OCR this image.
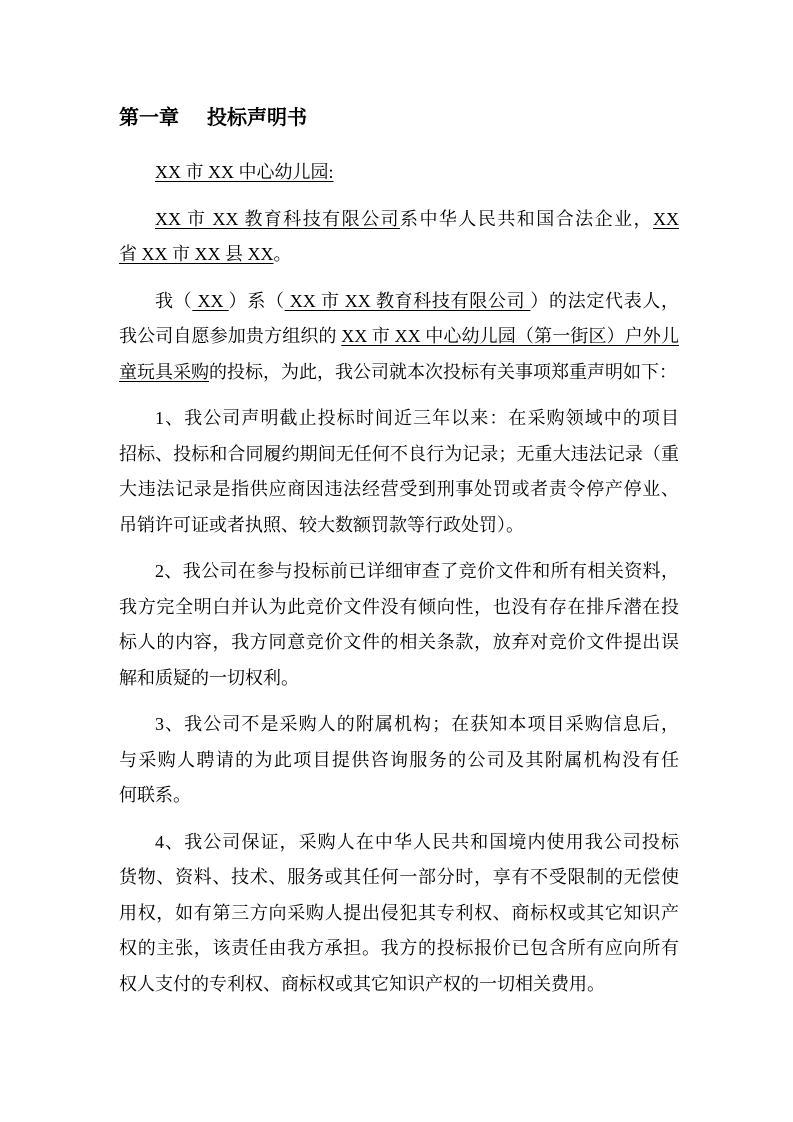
第一章 投标声明书
XX 市 XX 中心幼儿园:
XX 市 XX 教育科技有限公司系中华人民共和国合法企业，XX
省 XX 市 XX 县 XX。
我（ XX ）系（ XX 市 XX 教育科技有限公司 ）的法定代表人，
我公司自愿参加贵方组织的 XX 市 XX 中心幼儿园（第一街区）户外儿
童玩具采购的投标，为此，我公司就本次投标有关事项郑重声明如下：
1、我公司声明截止投标时间近三年以来：在采购领域中的项目
招标、投标和合同履约期间无任何不良行为记录；无重大违法记录（重
大违法记录是指供应商因违法经营受到刑事处罚或者责令停产停业、
吊销许可证或者执照、较大数额罚款等行政处罚）。
2、我公司在参与投标前已详细审查了竞价文件和所有相关资料，
我方完全明白并认为此竞价文件没有倾向性，也没有存在排斥潜在投
标人的内容，我方同意竞价文件的相关条款，放弃对竞价文件提出误
解和质疑的一切权利。
3、我公司不是采购人的附属机构；在获知本项目采购信息后，
与采购人聘请的为此项目提供咨询服务的公司及其附属机构没有任
何联系。
4、我公司保证，采购人在中华人民共和国境内使用我公司投标
货物、资料、技术、服务或其任何一部分时，享有不受限制的无偿使
用权，如有第三方向采购人提出侵犯其专利权、商标权或其它知识产
权的主张，该责任由我方承担。我方的投标报价已包含所有应向所有
权人支付的专利权、商标权或其它知识产权的一切相关费用。
